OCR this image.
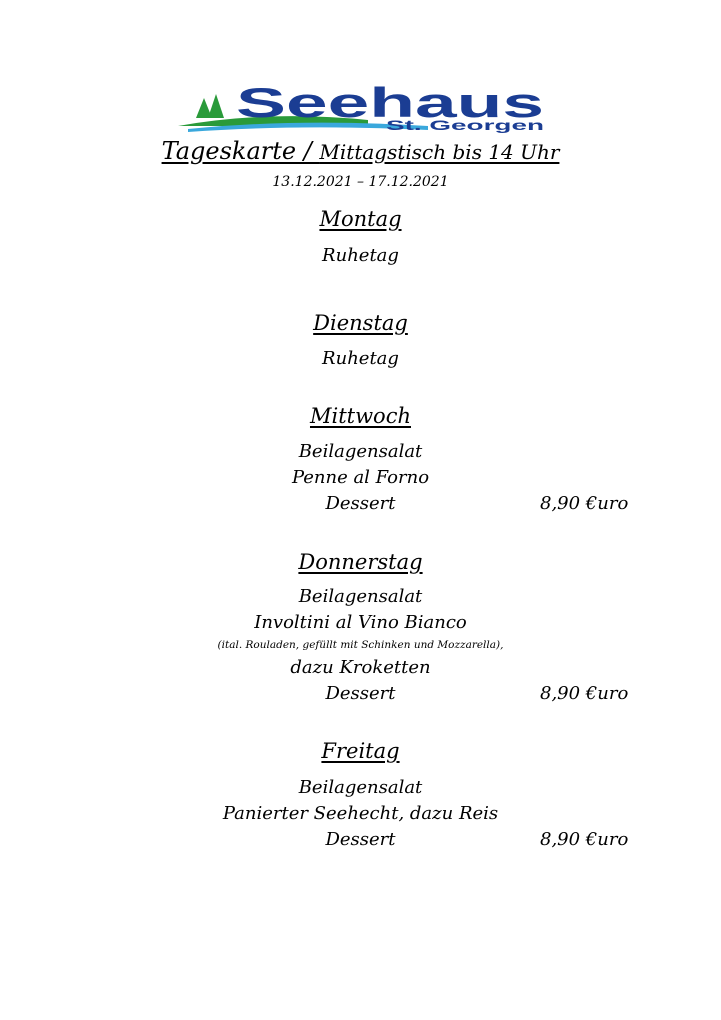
Seehaus
St. Georgen
Tageskarte / Mittagstisch bis 14 Uhr
13.12.2021 – 17.12.2021
Montag
Ruhetag
Dienstag
Ruhetag
Mittwoch
Beilagensalat
Penne al Forno
Dessert	8,90 €uro
Donnerstag
Beilagensalat
Involtini al Vino Bianco
(ital. Rouladen, gefüllt mit Schinken und Mozzarella),
dazu Kroketten
Dessert	8,90 €uro
Freitag
Beilagensalat
Panierter Seehecht, dazu Reis
Dessert	8,90 €uro
